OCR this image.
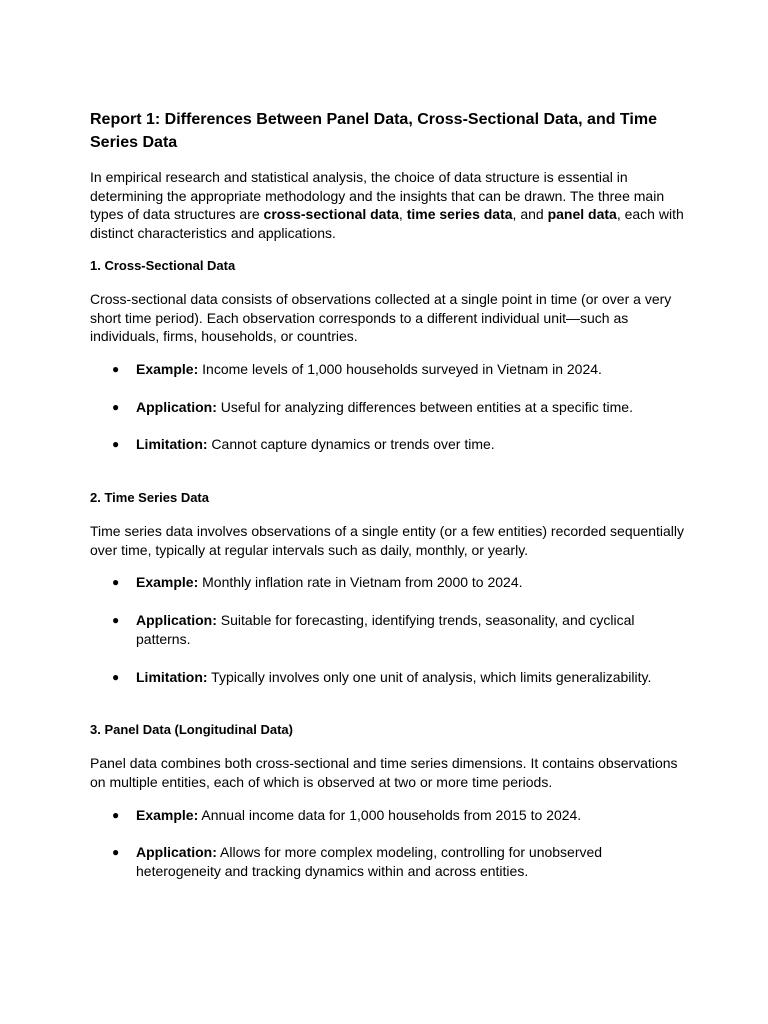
Report 1: Differences Between Panel Data, Cross-Sectional Data, and Time Series Data

In empirical research and statistical analysis, the choice of data structure is essential in determining the appropriate methodology and the insights that can be drawn. The three main types of data structures are cross-sectional data, time series data, and panel data, each with distinct characteristics and applications.

1. Cross-Sectional Data

Cross-sectional data consists of observations collected at a single point in time (or over a very short time period). Each observation corresponds to a different individual unit—such as individuals, firms, households, or countries.

● Example: Income levels of 1,000 households surveyed in Vietnam in 2024.
● Application: Useful for analyzing differences between entities at a specific time.
● Limitation: Cannot capture dynamics or trends over time.
2. Time Series Data

Time series data involves observations of a single entity (or a few entities) recorded sequentially over time, typically at regular intervals such as daily, monthly, or yearly.

● Example: Monthly inflation rate in Vietnam from 2000 to 2024.
● Application: Suitable for forecasting, identifying trends, seasonality, and cyclical patterns.
● Limitation: Typically involves only one unit of analysis, which limits generalizability.
3. Panel Data (Longitudinal Data)

Panel data combines both cross-sectional and time series dimensions. It contains observations on multiple entities, each of which is observed at two or more time periods.

● Example: Annual income data for 1,000 households from 2015 to 2024.
● Application: Allows for more complex modeling, controlling for unobserved heterogeneity and tracking dynamics within and across entities.
